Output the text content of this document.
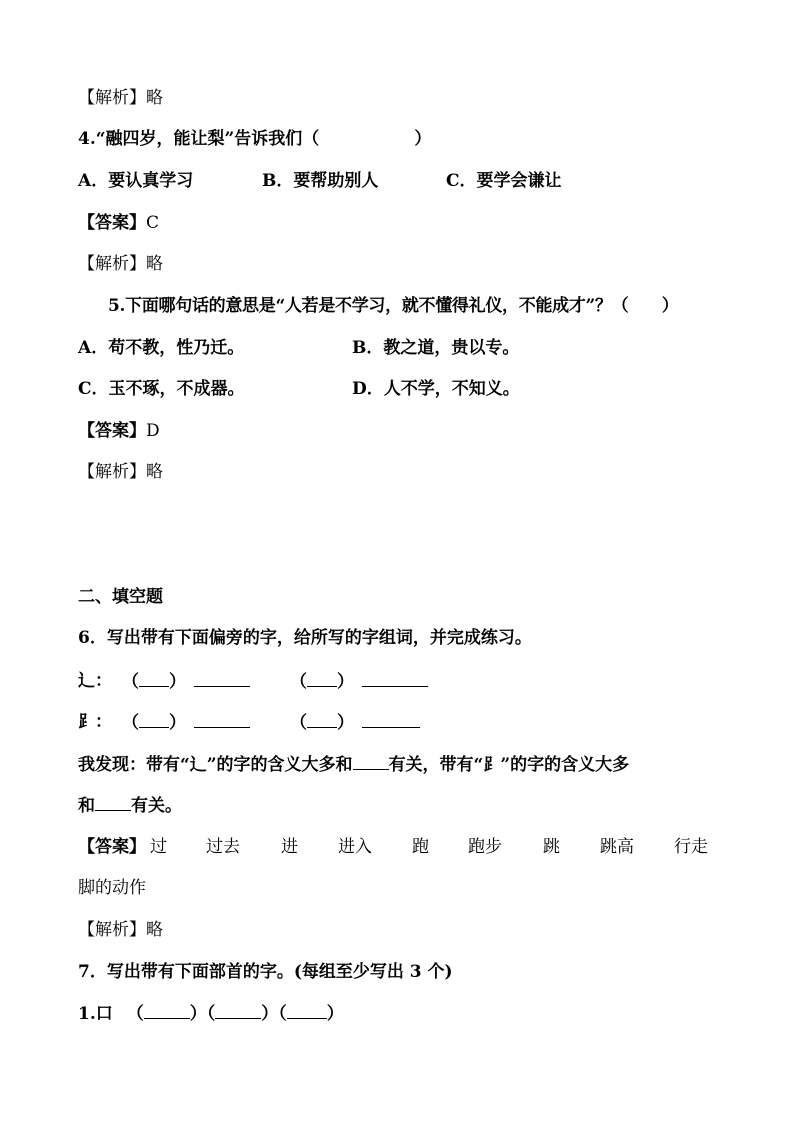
【解析】略
4.“融四岁，能让梨”告诉我们（	）
A．要认真学习	B．要帮助别人	C．要学会谦让
【答案】C
【解析】略
5.下面哪句话的意思是“人若是不学习，就不懂得礼仪，不能成才”？（　　）
A．苟不教，性乃迁。	B．教之道，贵以专。
C．玉不琢，不成器。	D．人不学，不知义。
【答案】D
【解析】略
二、填空题
6．写出带有下面偏旁的字，给所写的字组词，并完成练习。
辶： （ ）	（ ）
⻊： （ ）	（ ）
我发现：带有“辶”的字的含义大多和 有关，带有“⻊”的字的含义大多
和 有关。
【答案】 过 过去 进 进入 跑 跑步 跳 跳高 行走
脚的动作
【解析】略
7．写出带有下面部首的字。(每组至少写出 3 个)
1.口 （	）（	）（ ）
